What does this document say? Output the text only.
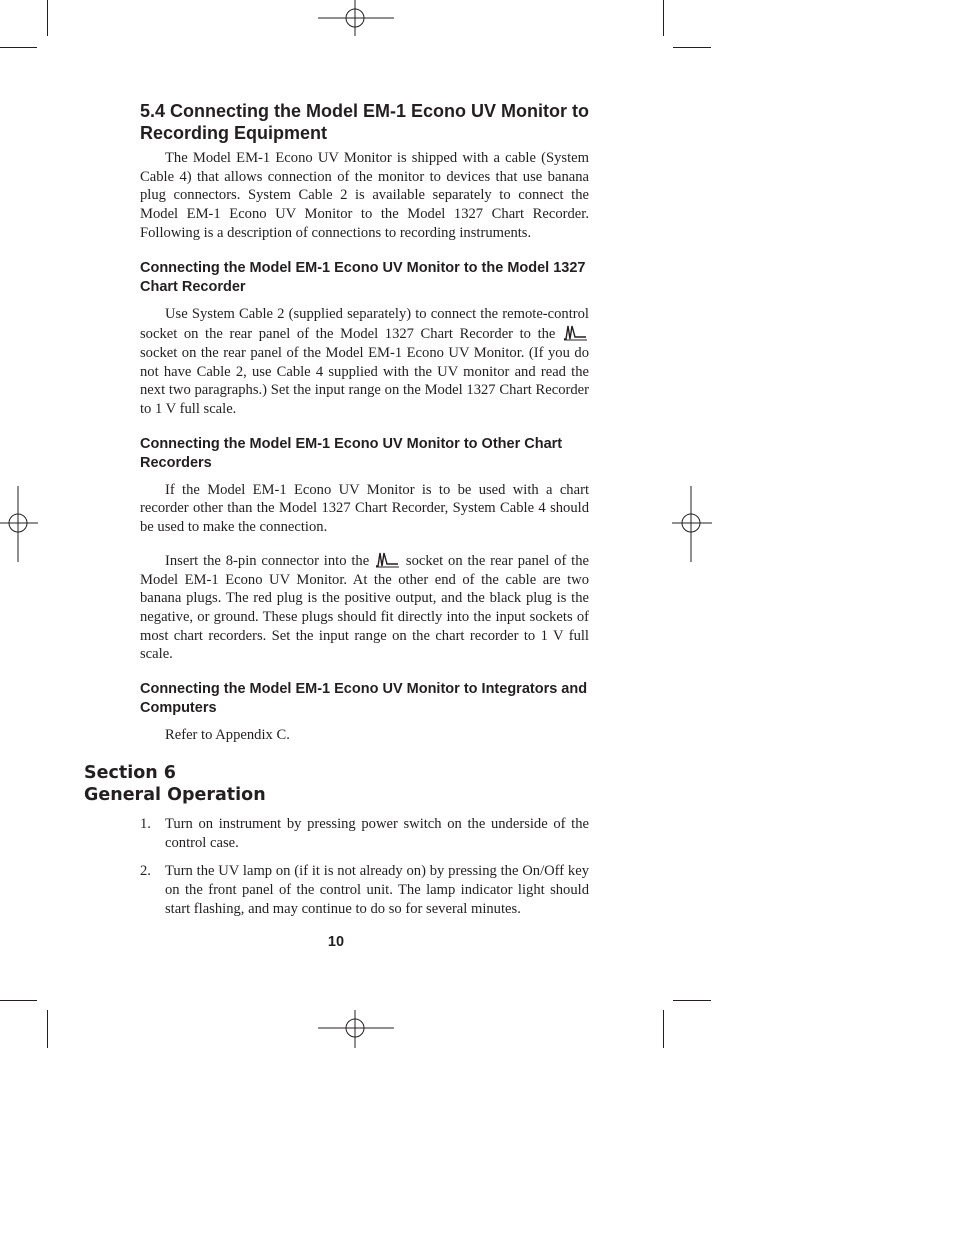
5.4 Connecting the Model EM-1 Econo UV Monitor to Recording Equipment

The Model EM-1 Econo UV Monitor is shipped with a cable (System Cable 4) that allows connection of the monitor to devices that use banana plug connectors. System Cable 2 is available separately to connect the Model EM-1 Econo UV Monitor to the Model 1327 Chart Recorder. Following is a description of connections to recording instruments.

Connecting the Model EM-1 Econo UV Monitor to the Model 1327 Chart Recorder

Use System Cable 2 (supplied separately) to connect the remote-control socket on the rear panel of the Model 1327 Chart Recorder to the
socket on the rear panel of the Model EM-1 Econo UV Monitor. (If you do not have Cable 2, use Cable 4 supplied with the UV monitor and read the next two paragraphs.) Set the input range on the Model 1327 Chart Recorder to 1 V full scale.

Connecting the Model EM-1 Econo UV Monitor to Other Chart Recorders

If the Model EM-1 Econo UV Monitor is to be used with a chart recorder other than the Model 1327 Chart Recorder, System Cable 4 should be used to make the connection.

Insert the 8-pin connector into the	socket on the rear panel of the Model EM-1 Econo UV Monitor. At the other end of the cable are two banana plugs. The red plug is the positive output, and the black plug is the negative, or ground. These plugs should fit directly into the input sockets of most chart recorders. Set the input range on the chart recorder to 1 V full scale.

Connecting the Model EM-1 Econo UV Monitor to Integrators and Computers

Refer to Appendix C.

Section 6
General Operation
1. Turn on instrument by pressing power switch on the underside of the control case.
2. Turn the UV lamp on (if it is not already on) by pressing the On/Off key on the front panel of the control unit. The lamp indicator light should start flashing, and may continue to do so for several minutes.
10
